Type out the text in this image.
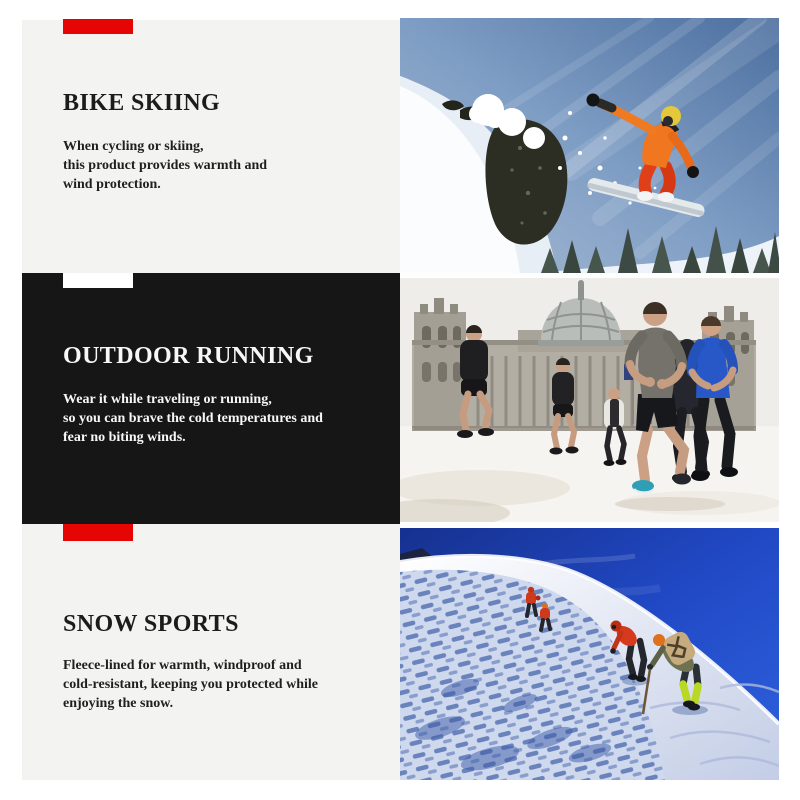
BIKE SKIING
When cycling or skiing,
this product provides warmth and
wind protection.
OUTDOOR RUNNING
Wear it while traveling or running,
so you can brave the cold temperatures and
fear no biting winds.
SNOW SPORTS
Fleece-lined for warmth, windproof and
cold-resistant, keeping you protected while
enjoying the snow.
